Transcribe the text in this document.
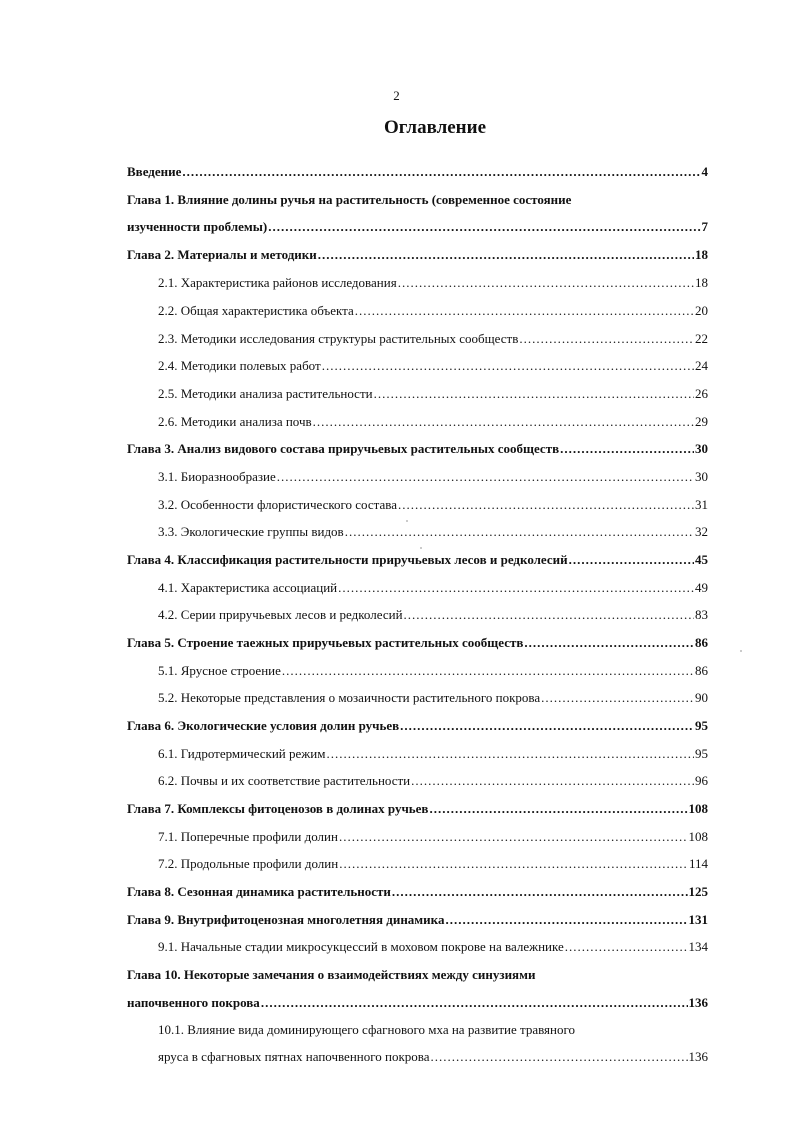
2
Оглавление
Введение .....	4
Глава 1. Влияние долины ручья на растительность (современное состояние
изученности проблемы) .....	7
Глава 2. Материалы и методики .....	18
2.1. Характеристика районов исследования .....	18
2.2. Общая характеристика объекта .....	20
2.3. Методики исследования структуры растительных сообществ .....	22
2.4. Методики полевых работ .....	24
2.5. Методики анализа растительности .....	26
2.6. Методики анализа почв .....	29
Глава 3. Анализ видового состава приручьевых растительных сообществ .....	30
3.1. Биоразнообразие .....	30
3.2. Особенности флористического состава .....	31
3.3. Экологические группы видов .....	32
Глава 4. Классификация растительности приручьевых лесов и редколесий .....	45
4.1. Характеристика ассоциаций .....	49
4.2. Серии приручьевых лесов и редколесий .....	83
Глава 5. Строение таежных приручьевых растительных сообществ .....	86
5.1. Ярусное строение .....	86
5.2. Некоторые представления о мозаичности растительного покрова .....	90
Глава 6. Экологические условия долин ручьев .....	95
6.1. Гидротермический режим .....	95
6.2. Почвы и их соответствие растительности .....	96
Глава 7. Комплексы фитоценозов в долинах ручьев .....	108
7.1. Поперечные профили долин .....	108
7.2. Продольные профили долин .....	114
Глава 8. Сезонная динамика растительности .....	125
Глава 9. Внутрифитоценозная многолетняя динамика .....	131
9.1. Начальные стадии микросукцессий в моховом покрове на валежнике .....	134
Глава 10. Некоторые замечания о взаимодействиях между синузиями
напочвенного покрова .....	136
10.1. Влияние вида доминирующего сфагнового мха на развитие травяного
яруса в сфагновых пятнах напочвенного покрова .....	136
